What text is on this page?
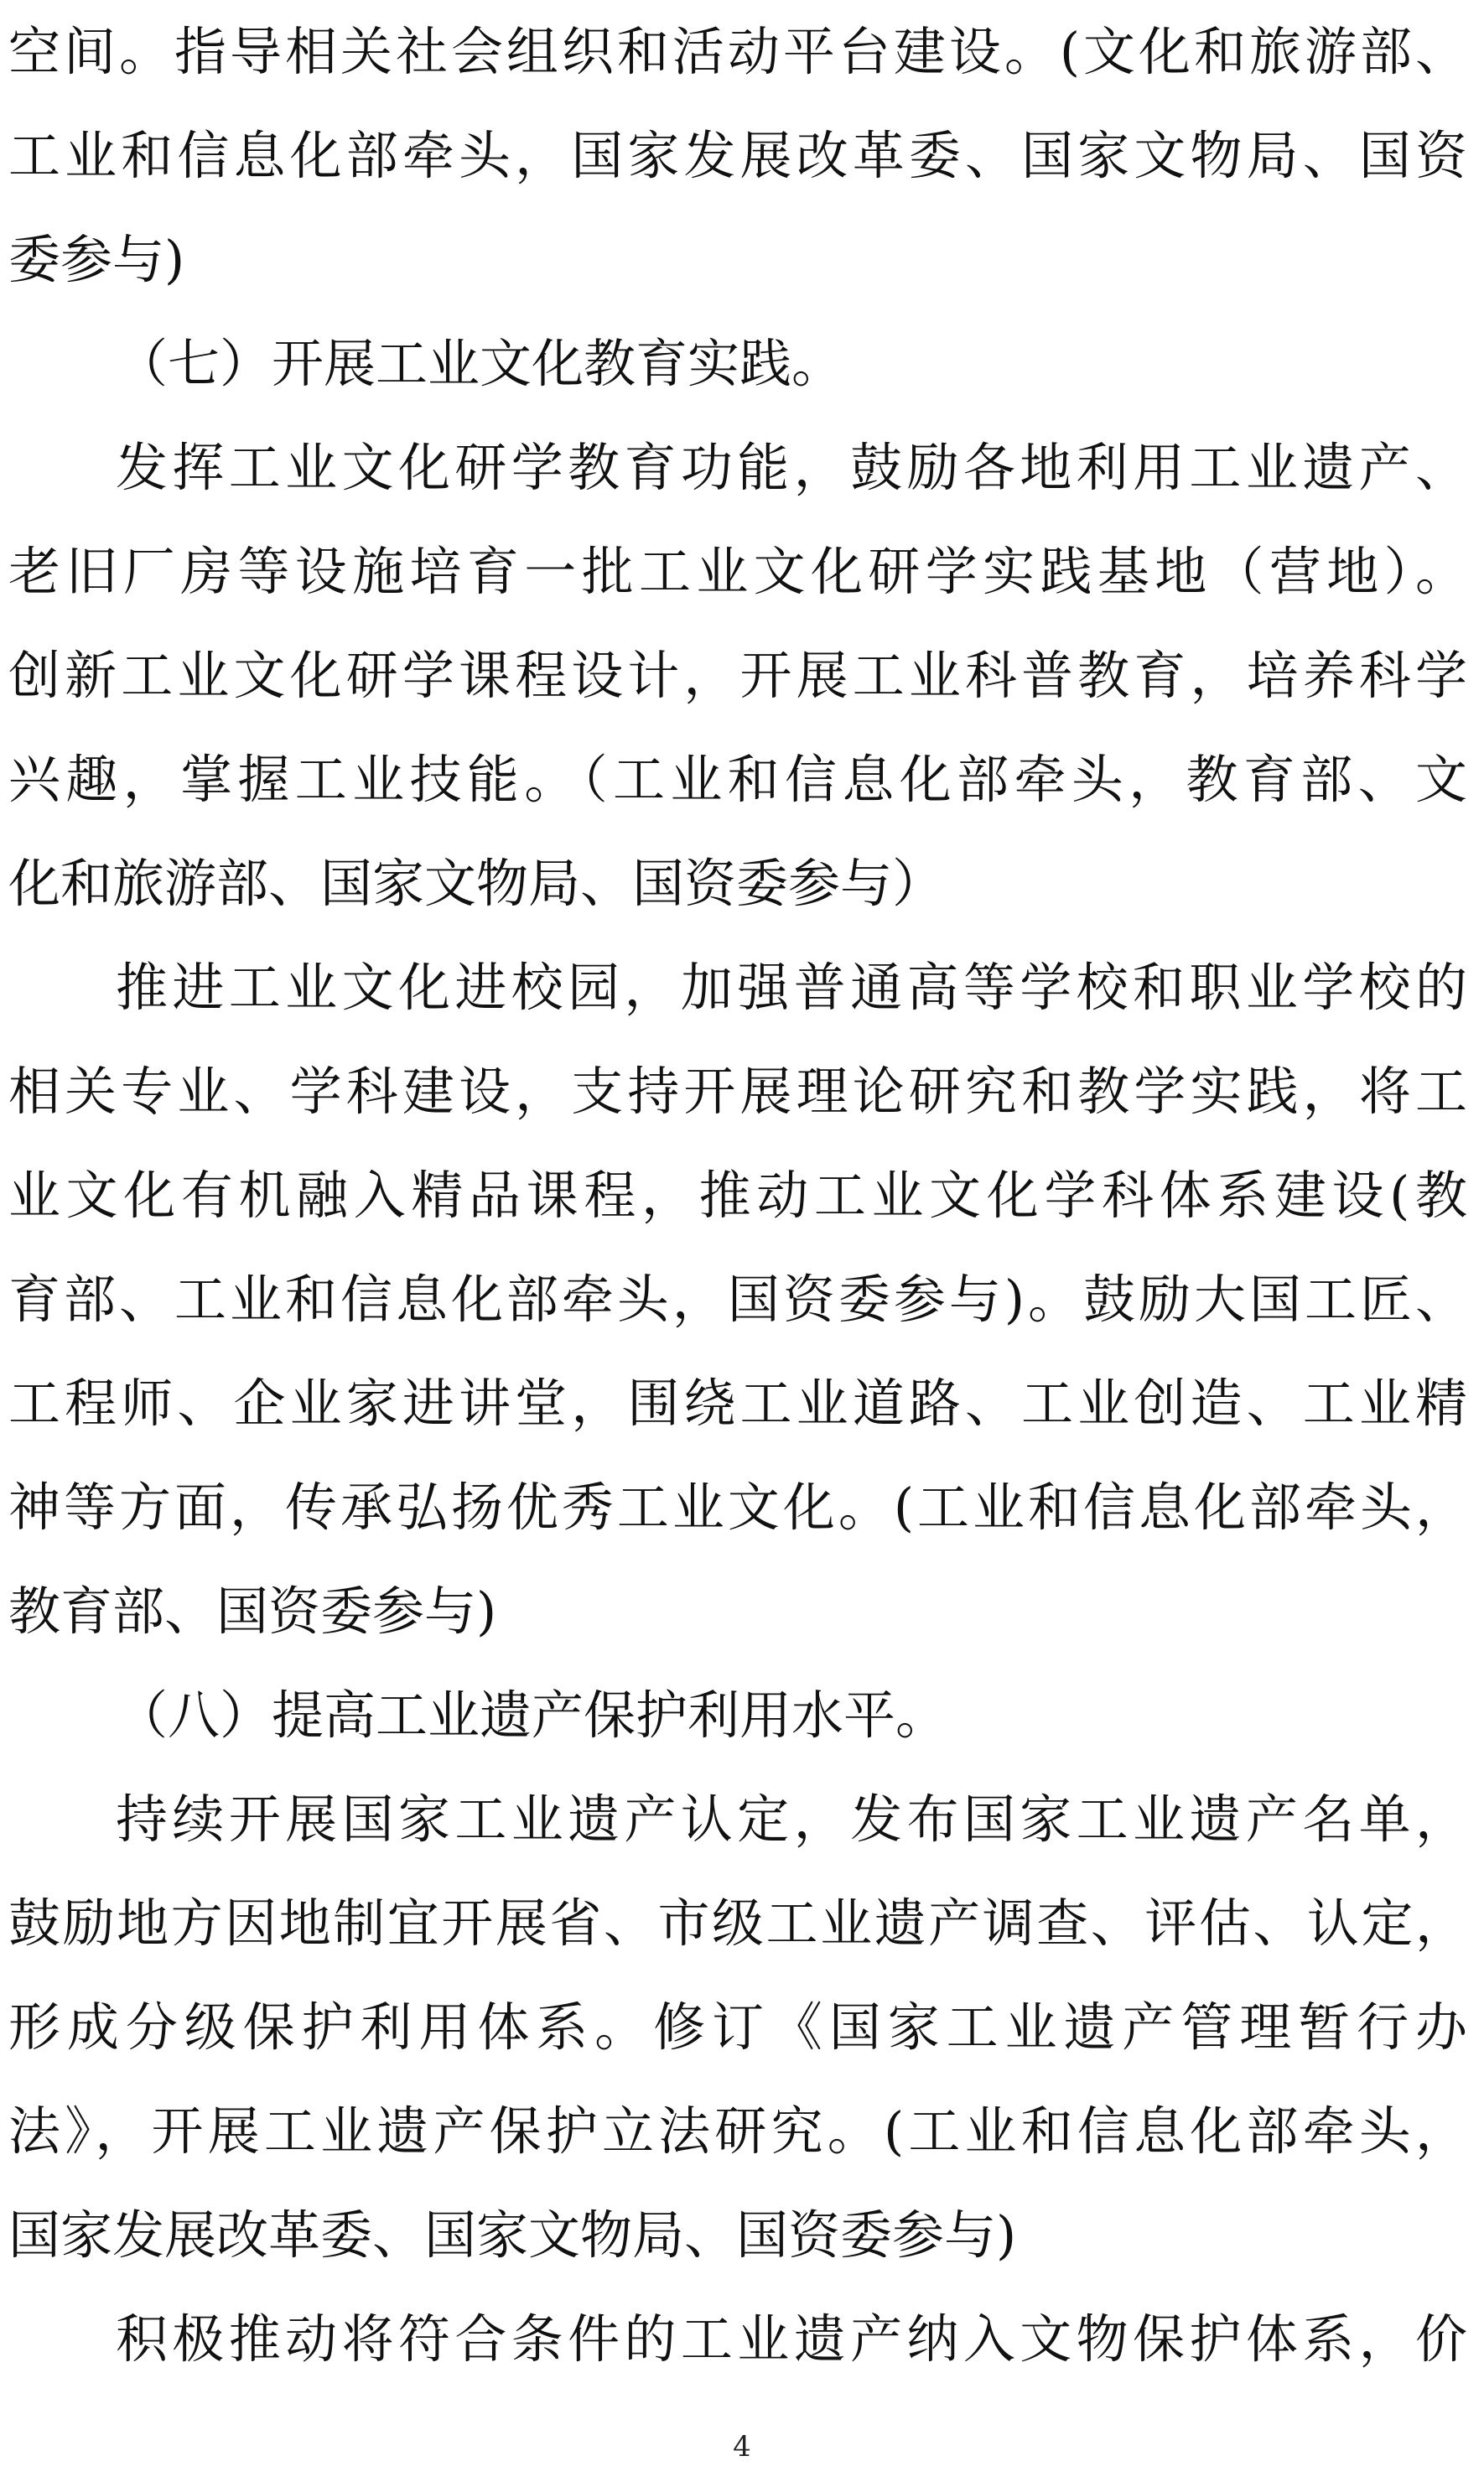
空间。指导相关社会组织和活动平台建设。(文化和旅游部、
工业和信息化部牵头，国家发展改革委、国家文物局、国资
委参与)
（七）开展工业文化教育实践。
发挥工业文化研学教育功能，鼓励各地利用工业遗产、
老旧厂房等设施培育一批工业文化研学实践基地（营地）。
创新工业文化研学课程设计，开展工业科普教育，培养科学
兴趣，掌握工业技能。（工业和信息化部牵头，教育部、文
化和旅游部、国家文物局、国资委参与）
推进工业文化进校园，加强普通高等学校和职业学校的
相关专业、学科建设，支持开展理论研究和教学实践，将工
业文化有机融入精品课程，推动工业文化学科体系建设(教
育部、工业和信息化部牵头，国资委参与)。鼓励大国工匠、
工程师、企业家进讲堂，围绕工业道路、工业创造、工业精
神等方面，传承弘扬优秀工业文化。(工业和信息化部牵头，
教育部、国资委参与)
（八）提高工业遗产保护利用水平。
持续开展国家工业遗产认定，发布国家工业遗产名单，
鼓励地方因地制宜开展省、市级工业遗产调查、评估、认定，
形成分级保护利用体系。修订《国家工业遗产管理暂行办
法》，开展工业遗产保护立法研究。(工业和信息化部牵头，
国家发展改革委、国家文物局、国资委参与)
积极推动将符合条件的工业遗产纳入文物保护体系，价
4
